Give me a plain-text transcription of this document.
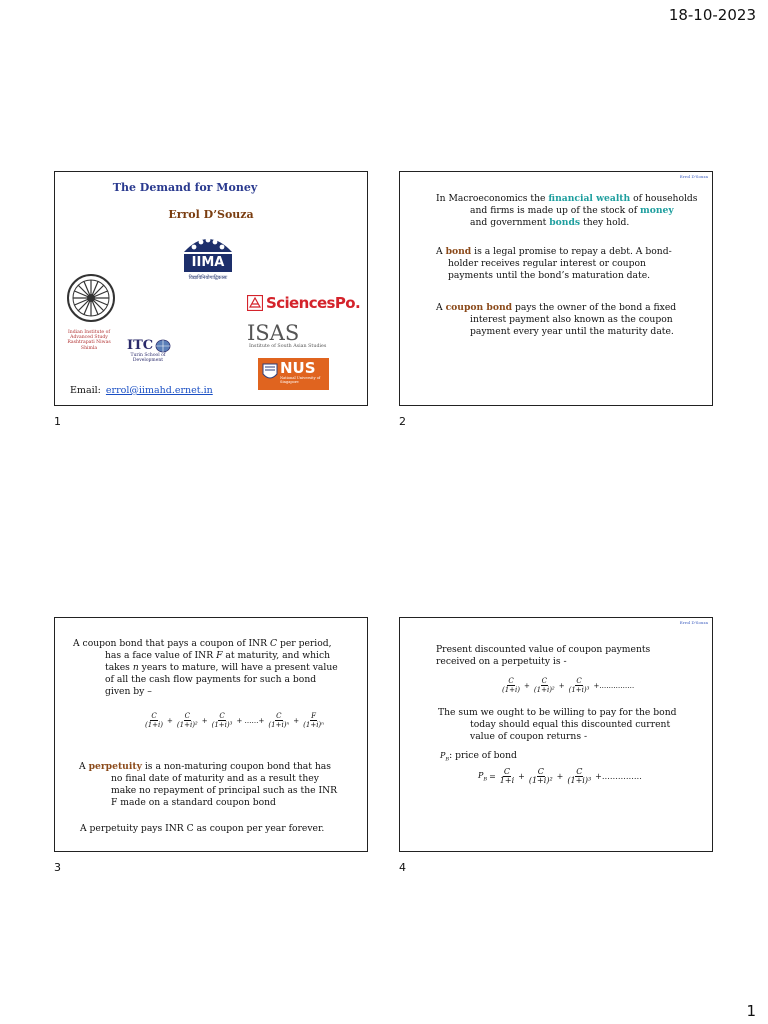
18-10-2023
The Demand for Money
Errol D’Souza
IIMA
विद्याविनियोगाद्विकासः
Indian Institute of Advanced Study Rashtrapati Niwas Shimla	ITC
Turin School of Development
SciencesPo.
ISAS
Institute of South Asian Studies
NUS
National University of Singapore
Email: errol@iimahd.ernet.in
1
Errol D'Souza
In Macroeconomics the financial wealth of households
and firms is made up of the stock of money
and government bonds they hold.
A bond is a legal promise to repay a debt. A bond-
holder receives regular interest or coupon
payments until the bond’s maturation date.
A coupon bond pays the owner of the bond a fixed
interest payment also known as the coupon
payment every year until the maturity date.
2
A coupon bond that pays a coupon of INR C per period,
has a face value of INR F at maturity, and which
takes n years to mature, will have a present value
of all the cash flow payments for such a bond
given by –
$\frac{C}{(1+i)} + \frac{C}{\text{(1+i)²}} + \frac{C}{\text{(1+i)³}}$ + ……+ $\frac{C}{\text{(1+i)ⁿ}} + \frac{F}{\text{(1+i)ⁿ}}$
A perpetuity is a non-maturing coupon bond that has
no final date of maturity and as a result they
make no repayment of principal such as the INR
F made on a standard coupon bond
A perpetuity pays INR C as coupon per year forever.
3
Errol D'Souza
Present discounted value of coupon payments
received on a perpetuity is -
$\frac{C}{(1+i)} + \frac{C}{\text{(1+i)²}} + \frac{C}{\text{(1+i)³}}$ +……………
The sum we ought to be willing to pay for the bond
today should equal this discounted current
value of coupon returns -
$P_B$: price of bond
$P_B = \frac{C}{1+i} + \frac{C}{\text{(1+i)²}} + \frac{C}{\text{(1+i)³}}$ +……………
4
1
